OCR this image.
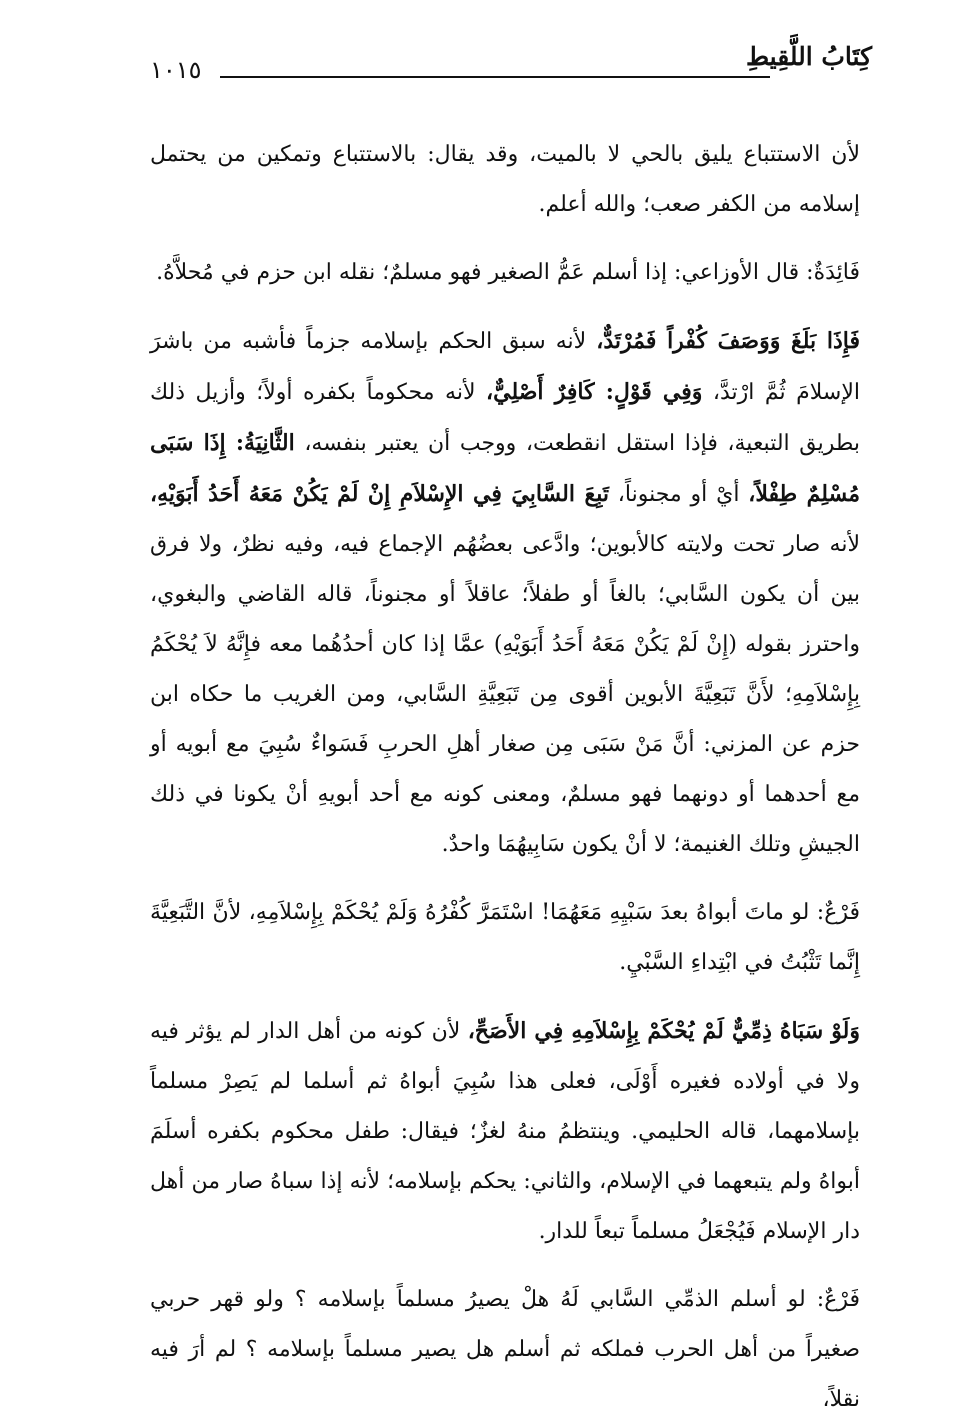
كِتَابُ اللَّقِيطِ
١٠١٥

لأن الاستتباع يليق بالحي لا بالميت، وقد يقال: بالاستتباع وتمكين من يحتمل إسلامه من الكفر صعب؛ والله أعلم.

فَائِدَةٌ: قال الأوزاعي: إذا أسلم عَمُّ الصغير فهو مسلمٌ؛ نقله ابن حزم في مُحلاَّهُ.

فَإِذَا بَلَغَ وَوَصَفَ كُفْراً فَمُرْتَدٌّ، لأنه سبق الحكم بإسلامه جزماً فأشبه من باشرَ الإسلامَ ثُمَّ ارْتدَّ، وَفِي قَوْلٍ: كَافِرٌ أَصْلِيٌّ، لأنه محكوماً بكفره أولاً؛ وأزيل ذلك بطريق التبعية، فإذا استقل انقطعت، ووجب أن يعتبر بنفسه، الثَّانِيَةُ: إِذَا سَبَى مُسْلِمٌ طِفْلاً، أيْ أو مجنوناً، تَبِعَ السَّابِيَ فِي الإِسْلاَمِ إِنْ لَمْ يَكُنْ مَعَهُ أَحَدُ أَبَوَيْهِ، لأنه صار تحت ولايته كالأبوين؛ وادَّعى بعضُهُم الإجماع فيه، وفيه نظرٌ، ولا فرق بين أن يكون السَّابي؛ بالغاً أو طفلاً؛ عاقلاً أو مجنوناً، قاله القاضي والبغوي، واحترز بقوله (إِنْ لَمْ يَكُنْ مَعَهُ أَحَدُ أَبَوَيْهِ) عمَّا إذا كان أحدُهُما معه فإِنَّهُ لاَ يُحْكَمُ بِإِسْلاَمِهِ؛ لأَنَّ تَبَعِيَّةَ الأبوين أقوى مِن تَبَعِيَّةِ السَّابي، ومن الغريب ما حكاه ابن حزم عن المزني: أنَّ مَنْ سَبَى مِن صغار أهلِ الحربِ فَسَواءٌ سُبِيَ مع أبويه أو مع أحدهما أو دونهما فهو مسلمٌ، ومعنى كونه مع أحد أبويهِ أنْ يكونا في ذلك الجيشِ وتلك الغنيمة؛ لا أنْ يكون سَابِيهُمَا واحدٌ.

فَرْعٌ: لو ماتَ أبواهُ بعدَ سَبْيِهِ مَعَهُمَا! اسْتَمَرَّ كُفْرُهُ وَلَمْ يُحْكَمْ بِإِسْلاَمِهِ، لأنَّ التَّبَعِيَّةَ إِنَّما تَثْبُتُ في ابْتِداءِ السَّبْيِ.

وَلَوْ سَبَاهُ ذِمِّيٌّ لَمْ يُحْكَمْ بِإِسْلاَمِهِ فِي الأَصَحِّ، لأن كونه من أهل الدار لم يؤثر فيه ولا في أولاده فغيره أَوْلَى، فعلى هذا سُبِيَ أبواهُ ثم أسلما لم يَصِرْ مسلماً بإسلامهما، قاله الحليمي. وينتظمُ منهُ لغزٌ؛ فيقال: طفل محكوم بكفره أسلَمَ أبواهُ ولم يتبعهما في الإسلام، والثاني: يحكم بإسلامه؛ لأنه إذا سباهُ صار من أهل دار الإسلام فَيُجْعَلُ مسلماً تبعاً للدار.

فَرْعٌ: لو أسلم الذمِّي السَّابي لَهُ هلْ يصيرُ مسلماً بإسلامه ؟ ولو قهر حربي صغيراً من أهل الحرب فملكه ثم أسلم هل يصير مسلماً بإسلامه ؟ لم أرَ فيه نقلاً،
